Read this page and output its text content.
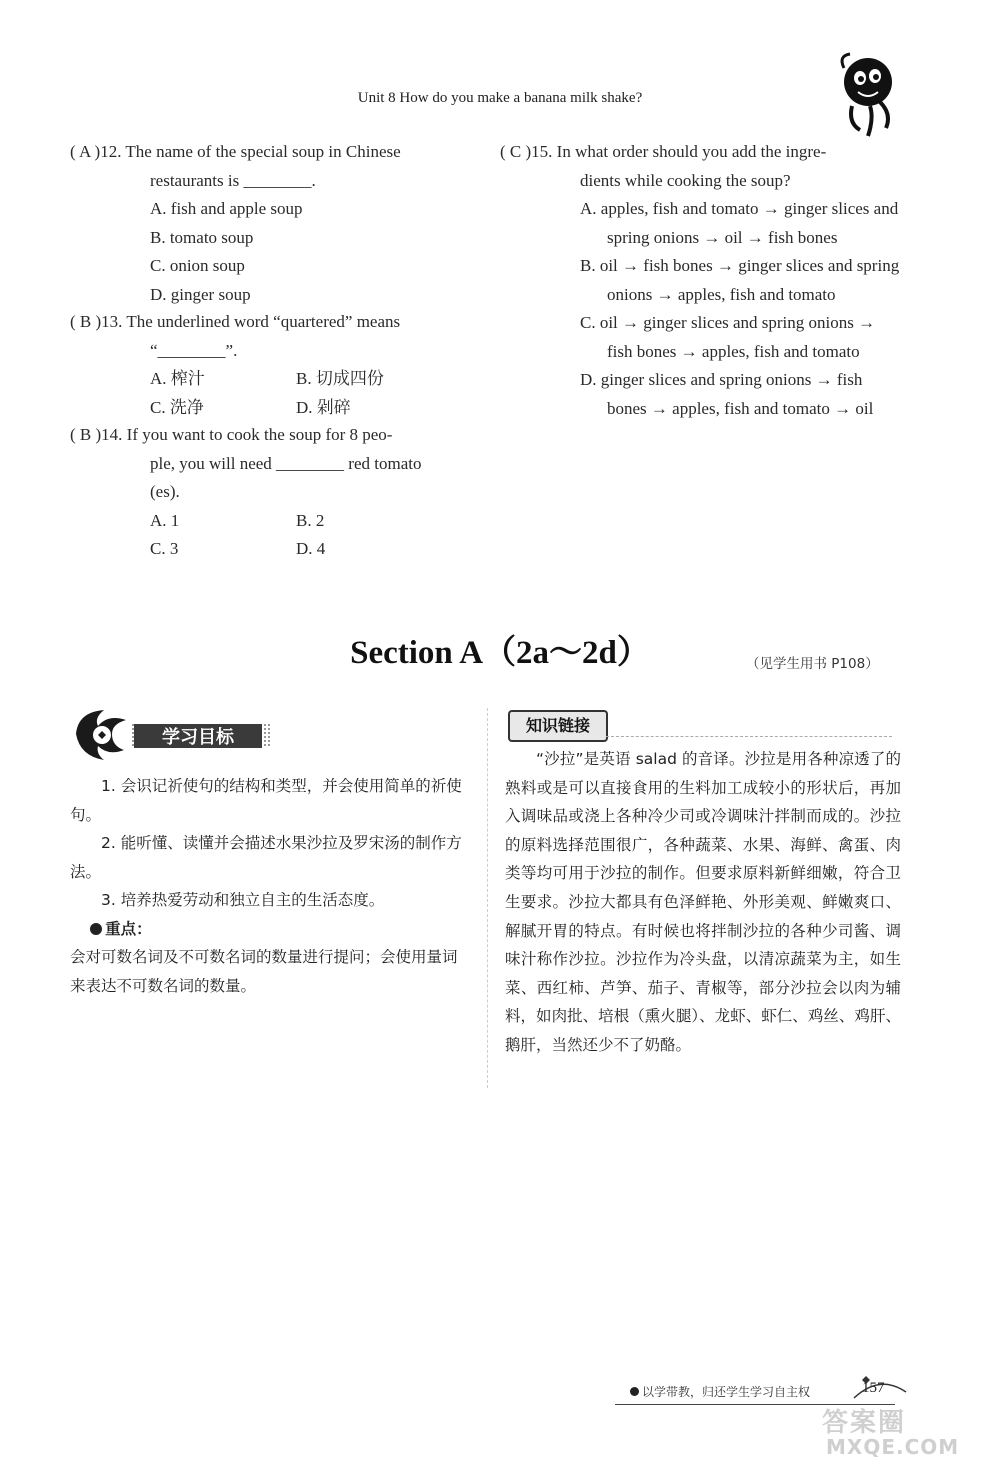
Unit 8 How do you make a banana milk shake?
( A )12. The name of the special soup in Chinese
restaurants is ________.
A. fish and apple soup
B. tomato soup
C. onion soup
D. ginger soup
( B )13. The underlined word “quartered” means
“________”.
A. 榨汁	B. 切成四份
C. 洗净	D. 剁碎
( B )14. If you want to cook the soup for 8 peo-
ple, you will need ________ red tomato
(es).
A. 1	B. 2
C. 3	D. 4
( C )15. In what order should you add the ingre-
dients while cooking the soup?
A. apples, fish and tomato → ginger slices and spring onions → oil → fish bones
B. oil → fish bones → ginger slices and spring onions → apples, fish and tomato
C. oil → ginger slices and spring onions → fish bones → apples, fish and tomato
D. ginger slices and spring onions → fish bones → apples, fish and tomato → oil
Section A（2a～2d）	（见学生用书 P108）
学习目标

1. 会识记祈使句的结构和类型，并会使用简单的祈使句。

2. 能听懂、读懂并会描述水果沙拉及罗宋汤的制作方法。

3. 培养热爱劳动和独立自主的生活态度。

重点：

会对可数名词及不可数名词的数量进行提问；会使用量词来表达不可数名词的数量。

知识链接
“沙拉”是英语 salad 的音译。沙拉是用各种凉透了的熟料或是可以直接食用的生料加工成较小的形状后，再加入调味品或浇上各种冷少司或冷调味汁拌制而成的。沙拉的原料选择范围很广，各种蔬菜、水果、海鲜、禽蛋、肉类等均可用于沙拉的制作。但要求原料新鲜细嫩，符合卫生要求。沙拉大都具有色泽鲜艳、外形美观、鲜嫩爽口、解腻开胃的特点。有时候也将拌制沙拉的各种少司酱、调味汁称作沙拉。沙拉作为冷头盘，以清凉蔬菜为主，如生菜、西红柿、芦笋、茄子、青椒等，部分沙拉会以肉为辅料，如肉批、培根（熏火腿）、龙虾、虾仁、鸡丝、鸡肝、鹅肝，当然还少不了奶酪。
以学带教，归还学生学习自主权	157
答案圈
MXQE.COM
